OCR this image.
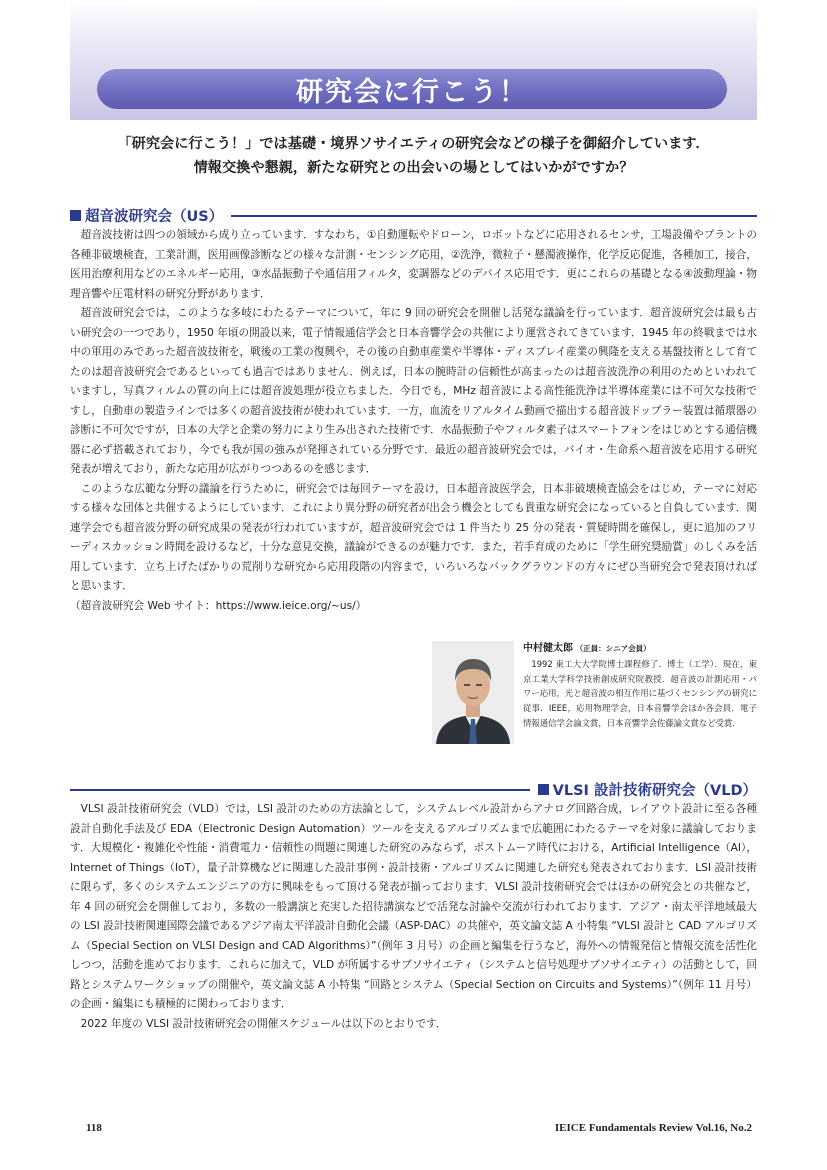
研究会に行こう！
「研究会に行こう！」では基礎・境界ソサイエティの研究会などの様子を御紹介しています．
情報交換や懇親，新たな研究との出会いの場としてはいかがですか？
超音波研究会（US）

超音波技術は四つの領域から成り立っています．すなわち，①自動運転やドローン，ロボットなどに応用されるセンサ，工場設備やプラントの各種非破壊検査，工業計測，医用画像診断などの様々な計測・センシング応用，②洗浄，微粒子・懸濁液操作，化学反応促進，各種加工，接合，医用治療利用などのエネルギー応用，③水晶振動子や通信用フィルタ，変調器などのデバイス応用です．更にこれらの基礎となる④波動理論・物理音響や圧電材料の研究分野があります．

超音波研究会では，このような多岐にわたるテーマについて，年に 9 回の研究会を開催し活発な議論を行っています．超音波研究会は最も古い研究会の一つであり，1950 年頃の開設以来，電子情報通信学会と日本音響学会の共催により運営されてきています．1945 年の終戦までは水中の軍用のみであった超音波技術を，戦後の工業の復興や，その後の自動車産業や半導体・ディスプレイ産業の興隆を支える基盤技術として育てたのは超音波研究会であるといっても過言ではありません．例えば，日本の腕時計の信頼性が高まったのは超音波洗浄の利用のためといわれていますし，写真フィルムの質の向上には超音波処理が役立ちました．今日でも，MHz 超音波による高性能洗浄は半導体産業には不可欠な技術ですし，自動車の製造ラインでは多くの超音波技術が使われています．一方，血流をリアルタイム動画で描出する超音波ドップラー装置は循環器の診断に不可欠ですが，日本の大学と企業の努力により生み出された技術です．水晶振動子やフィルタ素子はスマートフォンをはじめとする通信機器に必ず搭載されており，今でも我が国の強みが発揮されている分野です．最近の超音波研究会では，バイオ・生命系へ超音波を応用する研究発表が増えており，新たな応用が広がりつつあるのを感じます．

このような広範な分野の議論を行うために，研究会では毎回テーマを設け，日本超音波医学会，日本非破壊検査協会をはじめ，テーマに対応する様々な団体と共催するようにしています．これにより異分野の研究者が出会う機会としても貴重な研究会になっていると自負しています．関連学会でも超音波分野の研究成果の発表が行われていますが，超音波研究会では 1 件当たり 25 分の発表・質疑時間を確保し，更に追加のフリーディスカッション時間を設けるなど，十分な意見交換，議論ができるのが魅力です．また，若手育成のために「学生研究奨励賞」のしくみを活用しています．立ち上げたばかりの荒削りな研究から応用段階の内容まで，いろいろなバックグラウンドの方々にぜひ当研究会で発表頂ければと思います．

（超音波研究会 Web サイト：https://www.ieice.org/~us/）

中村健太郎 （正員：シニア会員）
1992 東工大大学院博士課程修了．博士（工学）．現在，東京工業大学科学技術創成研究院教授．超音波の計測応用・パワー応用，光と超音波の相互作用に基づくセンシングの研究に従事．IEEE，応用物理学会，日本音響学会ほか各会員．電子情報通信学会論文賞，日本音響学会佐藤論文賞など受賞．
VLSI 設計技術研究会（VLD）

VLSI 設計技術研究会（VLD）では，LSI 設計のための方法論として，システムレベル設計からアナログ回路合成，レイアウト設計に至る各種設計自動化手法及び EDA（Electronic Design Automation）ツールを支えるアルゴリズムまで広範囲にわたるテーマを対象に議論しております．大規模化・複雑化や性能・消費電力・信頼性の問題に関連した研究のみならず，ポストムーア時代における，Artificial Intelligence（AI），Internet of Things（IoT），量子計算機などに関連した設計事例・設計技術・アルゴリズムに関連した研究も発表されております．LSI 設計技術に限らず，多くのシステムエンジニアの方に興味をもって頂ける発表が揃っております．VLSI 設計技術研究会ではほかの研究会との共催など，年 4 回の研究会を開催しており，多数の一般講演と充実した招待講演などで活発な討論や交流が行われております．アジア・南太平洋地域最大の LSI 設計技術関連国際会議であるアジア南太平洋設計自動化会議（ASP-DAC）の共催や，英文論文誌 A 小特集 “VLSI 設計と CAD アルゴリズム（Special Section on VLSI Design and CAD Algorithms）”（例年 3 月号）の企画と編集を行うなど，海外への情報発信と情報交流を活性化しつつ，活動を進めております．これらに加えて，VLD が所属するサブソサイエティ（システムと信号処理サブソサイエティ）の活動として，回路とシステムワークショップの開催や，英文論文誌 A 小特集 “回路とシステム（Special Section on Circuits and Systems）”（例年 11 月号）の企画・編集にも積極的に関わっております．

2022 年度の VLSI 設計技術研究会の開催スケジュールは以下のとおりです．

118	IEICE Fundamentals Review Vol.16, No.2
